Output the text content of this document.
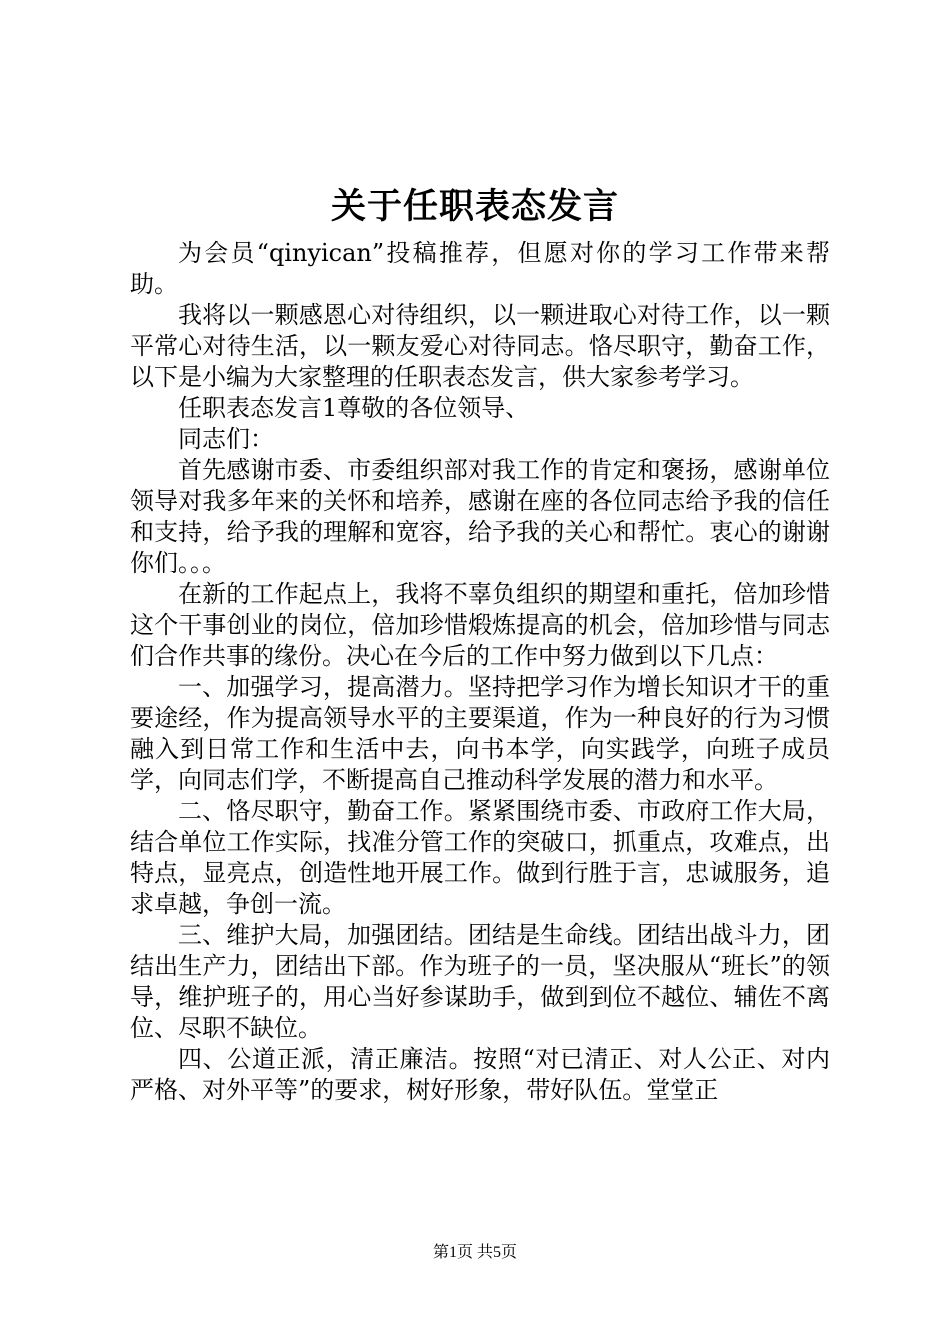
关于任职表态发言

为会员“qinyican”投稿推荐，但愿对你的学习工作带来帮助。

我将以一颗感恩心对待组织，以一颗进取心对待工作，以一颗平常心对待生活，以一颗友爱心对待同志。恪尽职守，勤奋工作，以下是小编为大家整理的任职表态发言，供大家参考学习。

任职表态发言1尊敬的各位领导、

同志们：

首先感谢市委、市委组织部对我工作的肯定和褒扬，感谢单位领导对我多年来的关怀和培养，感谢在座的各位同志给予我的信任和支持，给予我的理解和宽容，给予我的关心和帮忙。衷心的谢谢你们。。。

在新的工作起点上，我将不辜负组织的期望和重托，倍加珍惜这个干事创业的岗位，倍加珍惜煅炼提高的机会，倍加珍惜与同志们合作共事的缘份。决心在今后的工作中努力做到以下几点：

一、加强学习，提高潜力。坚持把学习作为增长知识才干的重要途经，作为提高领导水平的主要渠道，作为一种良好的行为习惯融入到日常工作和生活中去，向书本学，向实践学，向班子成员学，向同志们学，不断提高自己推动科学发展的潜力和水平。

二、恪尽职守，勤奋工作。紧紧围绕市委、市政府工作大局，结合单位工作实际，找准分管工作的突破口，抓重点，攻难点，出特点，显亮点，创造性地开展工作。做到行胜于言，忠诚服务，追求卓越，争创一流。

三、维护大局，加强团结。团结是生命线。团结出战斗力，团结出生产力，团结出下部。作为班子的一员，坚决服从“班长”的领导，维护班子的，用心当好参谋助手，做到到位不越位、辅佐不离位、尽职不缺位。

四、公道正派，清正廉洁。按照“对已清正、对人公正、对内严格、对外平等”的要求，树好形象，带好队伍。堂堂正

第1页 共5页
